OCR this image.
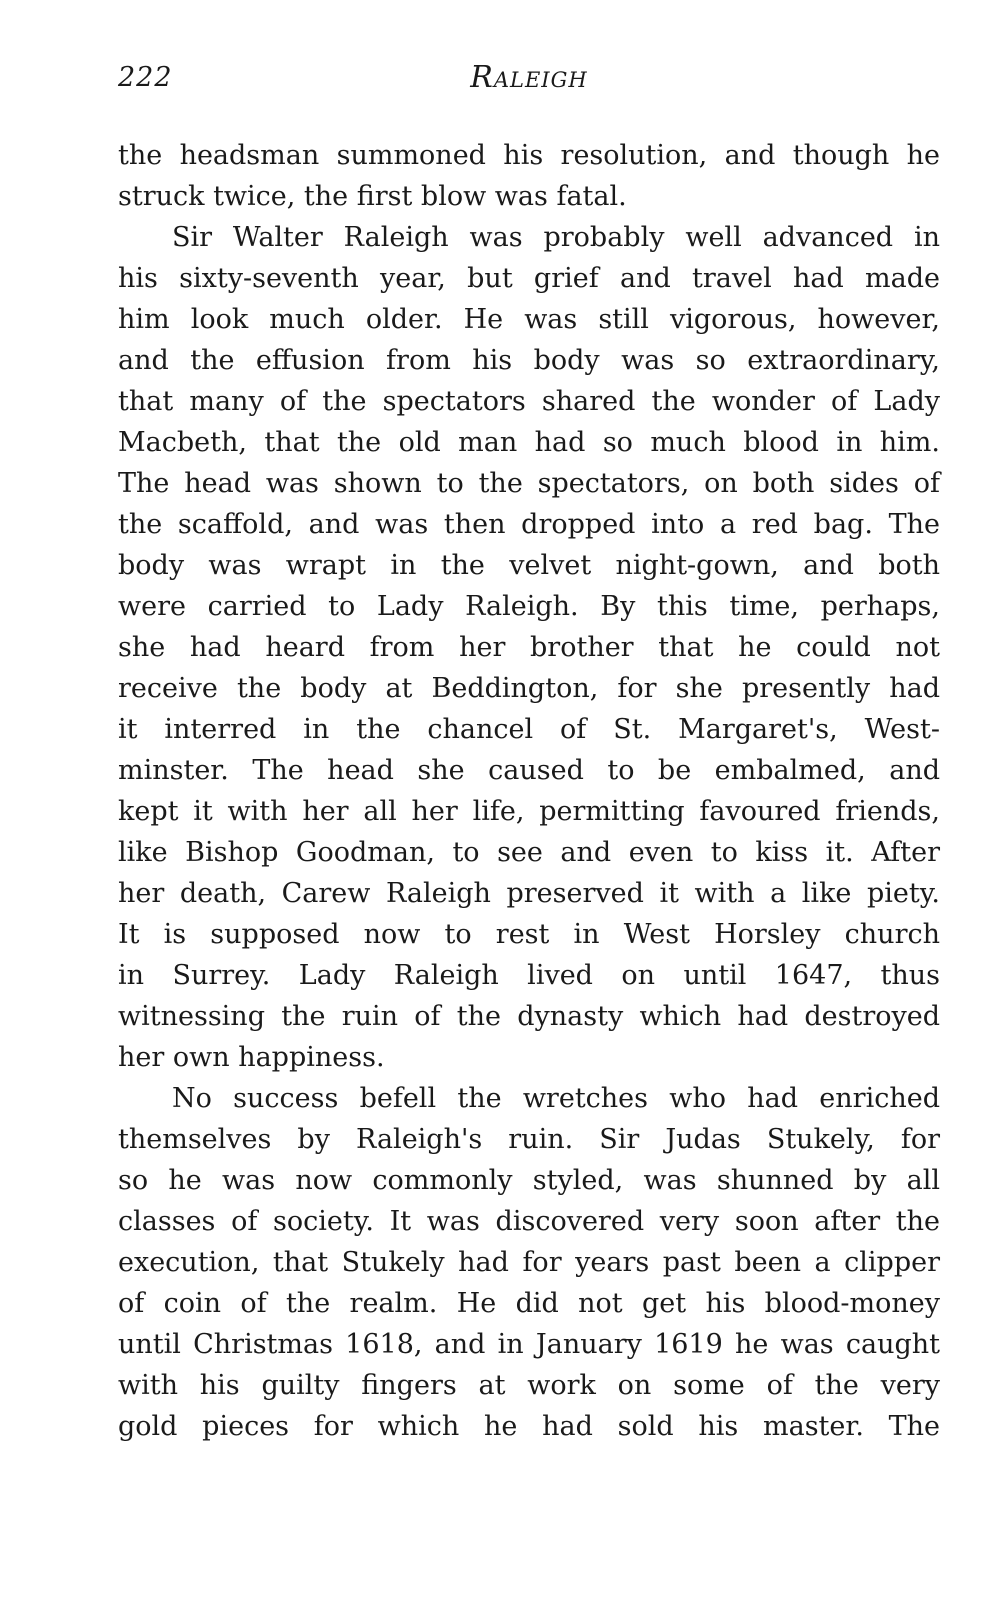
222	Raleigh
the headsman summoned his resolution, and though he
struck twice, the first blow was fatal.
Sir Walter Raleigh was probably well advanced in
his sixty-seventh year, but grief and travel had made
him look much older. He was still vigorous, however,
and the effusion from his body was so extraordinary,
that many of the spectators shared the wonder of Lady
Macbeth, that the old man had so much blood in him.
The head was shown to the spectators, on both sides of
the scaffold, and was then dropped into a red bag. The
body was wrapt in the velvet night-gown, and both
were carried to Lady Raleigh. By this time, perhaps,
she had heard from her brother that he could not
receive the body at Beddington, for she presently had
it interred in the chancel of St. Margaret's, West-
minster. The head she caused to be embalmed, and
kept it with her all her life, permitting favoured friends,
like Bishop Goodman, to see and even to kiss it. After
her death, Carew Raleigh preserved it with a like piety.
It is supposed now to rest in West Horsley church
in Surrey. Lady Raleigh lived on until 1647, thus
witnessing the ruin of the dynasty which had destroyed
her own happiness.
No success befell the wretches who had enriched
themselves by Raleigh's ruin. Sir Judas Stukely, for
so he was now commonly styled, was shunned by all
classes of society. It was discovered very soon after the
execution, that Stukely had for years past been a clipper
of coin of the realm. He did not get his blood-money
until Christmas 1618, and in January 1619 he was caught
with his guilty fingers at work on some of the very
gold pieces for which he had sold his master. The
